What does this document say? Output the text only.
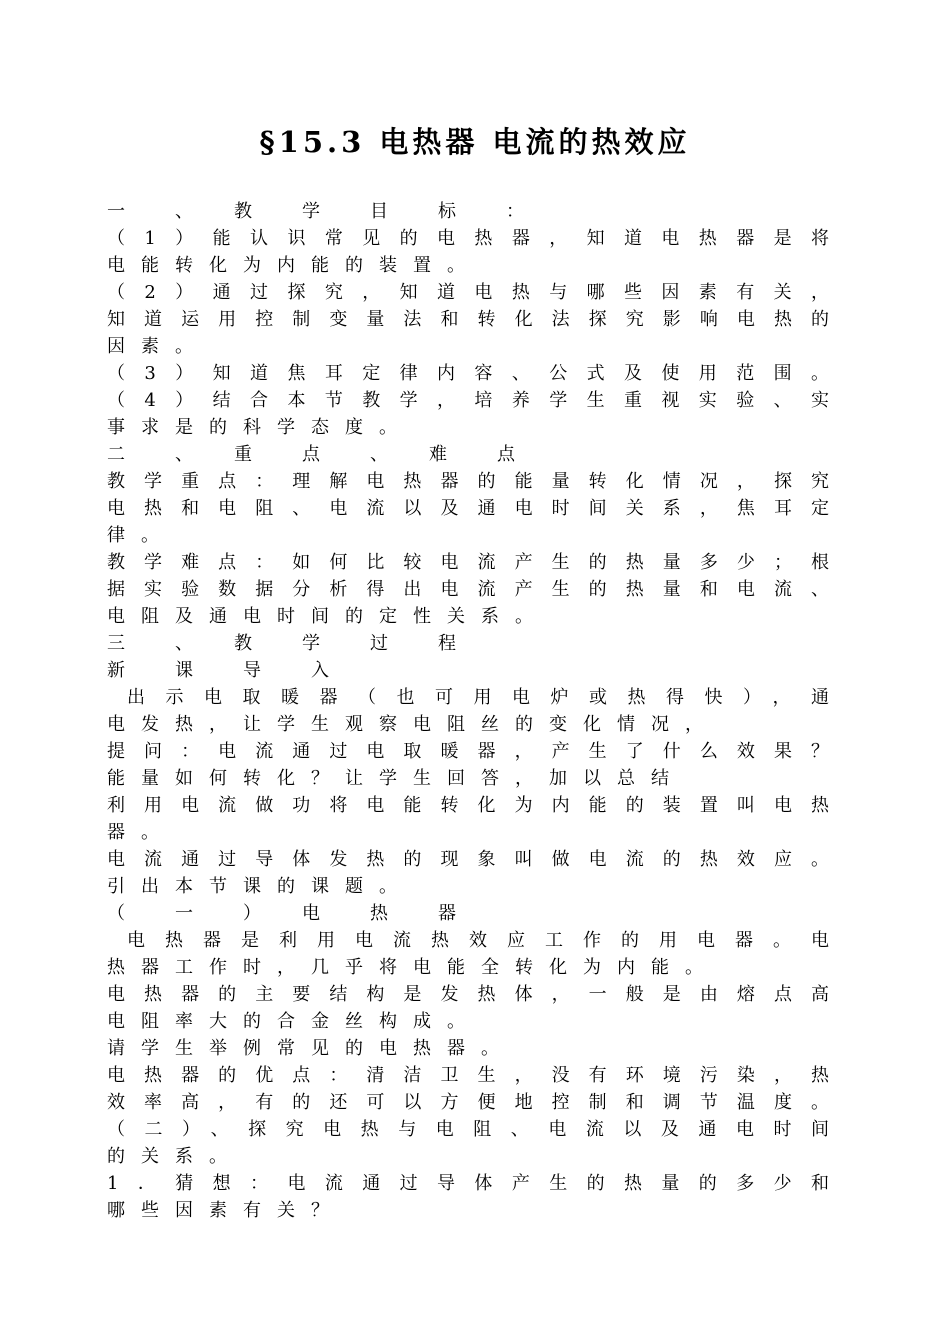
§15.3 电热器 电流的热效应
一　、　教　学　目　标　：
（1）能认识常见的电热器，知道电热器是将
电能转化为内能的装置。
（2）通过探究，知道电热与哪些因素有关，
知道运用控制变量法和转化法探究影响电热的
因素。
（3）知道焦耳定律内容、公式及使用范围。
（4）结合本节教学，培养学生重视实验、实
事求是的科学态度。
二　、　重　点　、　难　点
教学重点：理解电热器的能量转化情况，探究
电热和电阻、电流以及通电时间关系，焦耳定
律。
教学难点：如何比较电流产生的热量多少；根
据实验数据分析得出电流产生的热量和电流、
电阻及通电时间的定性关系。
三　、　教　学　过　程
新　课　导　入
出示电取暖器（也可用电炉或热得快），通
电发热，让学生观察电阻丝的变化情况，
提问：电流通过电取暖器，产生了什么效果？
能量如何转化？让学生回答，加以总结
利用电流做功将电能转化为内能的装置叫电热
器。
电流通过导体发热的现象叫做电流的热效应。
引出本节课的课题。
（　一　）　电　热　器
电热器是利用电流热效应工作的用电器。电
热器工作时，几乎将电能全转化为内能。
电热器的主要结构是发热体，一般是由熔点高
电阻率大的合金丝构成。
请学生举例常见的电热器。
电热器的优点：清洁卫生，没有环境污染，热
效率高，有的还可以方便地控制和调节温度。
（二）、探究电热与电阻、电流以及通电时间
的关系。
1．猜想：电流通过导体产生的热量的多少和
哪些因素有关？
